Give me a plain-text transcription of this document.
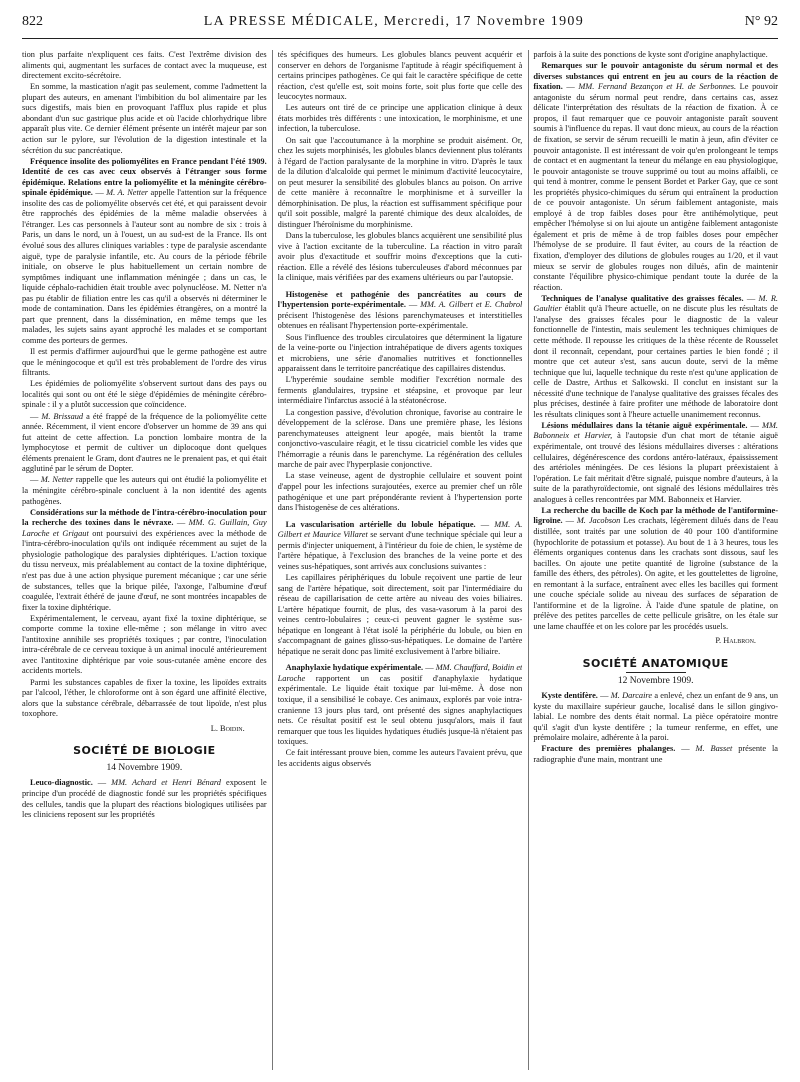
822	LA PRESSE MÉDICALE, Mercredi, 17 Novembre 1909	N° 92

tion plus parfaite n'expliquent ces faits. C'est l'extrême division des aliments qui, augmentant les surfaces de contact avec la muqueuse, est directement excito-sécrétoire.

En somme, la mastication n'agit pas seulement, comme l'admettent la plupart des auteurs, en amenant l'imbibition du bol alimentaire par les sucs digestifs, mais bien en provoquant l'afflux plus rapide et plus abondant d'un suc gastrique plus acide et où l'acide chlorhydrique libre apparaît plus vite. Ce dernier élément présente un intérêt majeur par son action sur le pylore, sur l'évolution de la digestion intestinale et la sécrétion du suc pancréatique.

Fréquence insolite des poliomyélites en France pendant l'été 1909. Identité de ces cas avec ceux observés à l'étranger sous forme épidémique. Relations entre la poliomyélite et la méningite cérébro-spinale épidémique. — M. A. Netter appelle l'attention sur la fréquence insolite des cas de poliomyélite observés cet été, et qui paraissent devoir être rapprochés des épidémies de la même maladie observées à l'étranger. Les cas personnels à l'auteur sont au nombre de six : trois à Paris, un dans le nord, un à l'ouest, un au sud-est de la France. Ils ont évolué sous des allures cliniques variables : type de paralysie ascendante aiguë, type de paralysie infantile, etc. Au cours de la période fébrile initiale, on observe le plus habituellement un certain nombre de symptômes indiquant une inflammation méningée ; dans un cas, le liquide céphalo-rachidien était trouble avec polynucléose. M. Netter n'a pas pu établir de filiation entre les cas qu'il a observés ni déterminer le mode de contamination. Dans les épidémies étrangères, on a montré la part que prennent, dans la dissémination, en même temps que les malades, les sujets sains ayant approché les malades et se comportant comme des porteurs de germes.

Il est permis d'affirmer aujourd'hui que le germe pathogène est autre que le méningocoque et qu'il est très probablement de l'ordre des virus filtrants.

Les épidémies de poliomyélite s'observent surtout dans des pays ou localités qui sont ou ont été le siège d'épidémies de méningite cérébro-spinale : il y a plutôt succession que coïncidence.

— M. Brissaud a été frappé de la fréquence de la poliomyélite cette année. Récemment, il vient encore d'observer un homme de 39 ans qui fut atteint de cette affection. La ponction lombaire montra de la lymphocytose et permit de cultiver un diplocoque dont quelques éléments prenaient le Gram, dont d'autres ne le prenaient pas, et qui était agglutiné par le sérum de Dopter.

— M. Netter rappelle que les auteurs qui ont étudié la poliomyélite et la méningite cérébro-spinale concluent à la non identité des agents pathogènes.

Considérations sur la méthode de l'intra-cérébro-inoculation pour la recherche des toxines dans le névraxe. — MM. G. Guillain, Guy Laroche et Grigaut ont poursuivi des expériences avec la méthode de l'intra-cérébro-inoculation qu'ils ont indiquée récemment au sujet de la physiologie pathologique des paralysies diphtériques. L'action toxique du tissu nerveux, mis préalablement au contact de la toxine diphtérique, n'est pas due à une action physique purement mécanique ; car une série de substances, telles que la brique pilée, l'axonge, l'albumine d'œuf coagulée, l'extrait éthéré de jaune d'œuf, ne sont montrées incapables de fixer la toxine diphtérique.

Expérimentalement, le cerveau, ayant fixé la toxine diphtérique, se comporte comme la toxine elle-même ; son mélange in vitro avec l'antitoxine annihile ses propriétés toxiques ; par contre, l'inoculation intra-cérébrale de ce cerveau toxique à un animal inoculé antérieurement avec l'antitoxine diphtérique par voie sous-cutanée amène encore des accidents mortels.

Parmi les substances capables de fixer la toxine, les lipoïdes extraits par l'alcool, l'éther, le chloroforme ont à son égard une affinité élective, alors que la substance cérébrale, débarrassée de tout lipoïde, n'est plus toxophore.

L. Boidin.

SOCIÉTÉ DE BIOLOGIE
14 Novembre 1909.

Leuco-diagnostic. — MM. Achard et Henri Bénard exposent le principe d'un procédé de diagnostic fondé sur les propriétés spécifiques des cellules, tandis que la plupart des réactions biologiques utilisées par les cliniciens reposent sur les propriétés

tés spécifiques des humeurs. Les globules blancs peuvent acquérir et conserver en dehors de l'organisme l'aptitude à réagir spécifiquement à certains principes pathogènes. Ce qui fait le caractère spécifique de cette réaction, c'est qu'elle est, soit moins forte, soit plus forte que celle des leucocytes normaux.

Les auteurs ont tiré de ce principe une application clinique à deux états morbides très différents : une intoxication, le morphinisme, et une infection, la tuberculose.

On sait que l'accoutumance à la morphine se produit aisément. Or, chez les sujets morphinisés, les globules blancs deviennent plus tolérants à l'égard de l'action paralysante de la morphine in vitro. D'après le taux de la dilution d'alcaloïde qui permet le minimum d'activité leucocytaire, on peut mesurer la sensibilité des globules blancs au poison. On arrive de cette manière à reconnaître le morphinisme et à surveiller la démorphinisation. De plus, la réaction est suffisamment spécifique pour qu'il soit possible, malgré la parenté chimique des deux alcaloïdes, de distinguer l'héroïnisme du morphinisme.

Dans la tuberculose, les globules blancs acquièrent une sensibilité plus vive à l'action excitante de la tuberculine. La réaction in vitro paraît avoir plus d'exactitude et souffrir moins d'exceptions que la cuti-réaction. Elle a révélé des lésions tuberculeuses d'abord méconnues par la clinique, mais vérifiées par des examens ultérieurs ou par l'autopsie.

Histogenèse et pathogénie des pancréatites au cours de l'hypertension porte-expérimentale. — MM. A. Gilbert et E. Chabrol précisent l'histogenèse des lésions parenchymateuses et interstitielles obtenues en réalisant l'hypertension porte-expérimentale.

Sous l'influence des troubles circulatoires que déterminent la ligature de la veine-porte ou l'injection intrahépatique de divers agents toxiques et microbiens, une série d'anomalies nutritives et fonctionnelles apparaissent dans le territoire pancréatique des capillaires distendus.

L'hyperémie soudaine semble modifier l'excrétion normale des ferments glandulaires, trypsine et stéapsine, et provoque par leur intermédiaire l'infarctus associé à la stéatonécrose.

La congestion passive, d'évolution chronique, favorise au contraire le développement de la sclérose. Dans une première phase, les lésions parenchymateuses atteignent leur apogée, mais bientôt la trame conjonctivo-vasculaire réagit, et le tissu cicatriciel comble les vides que l'hémorragie a réunis dans le parenchyme. La régénération des cellules marche de pair avec l'hyperplasie conjonctive.

La stase veineuse, agent de dystrophie cellulaire et souvent point d'appel pour les infections surajoutées, exerce au premier chef un rôle pathogénique et une part prépondérante revient à l'hypertension porte dans l'histogenèse de ces altérations.

La vascularisation artérielle du lobule hépatique. — MM. A. Gilbert et Maurice Villaret se servant d'une technique spéciale qui leur a permis d'injecter uniquement, à l'intérieur du foie de chien, le système de l'artère hépatique, à l'exclusion des branches de la veine porte et des veines sus-hépatiques, sont arrivés aux conclusions suivantes :

Les capillaires périphériques du lobule reçoivent une partie de leur sang de l'artère hépatique, soit directement, soit par l'intermédiaire du réseau de capillarisation de cette artère au niveau des voies biliaires. L'artère hépatique fournit, de plus, des vasa-vasorum à la paroi des veines centro-lobulaires ; ceux-ci peuvent gagner le système sus-hépatique en longeant à l'état isolé la périphérie du lobule, ou bien en s'accompagnant de gaines glisso-sus-hépatiques. Le domaine de l'artère hépatique ne serait donc pas limité exclusivement à l'arbre biliaire.

Anaphylaxie hydatique expérimentale. — MM. Chauffard, Boidin et Laroche rapportent un cas positif d'anaphylaxie hydatique expérimentale. Le liquide était toxique par lui-même. À dose non toxique, il a sensibilisé le cobaye. Ces animaux, explorés par voie intra-cranienne 13 jours plus tard, ont présenté des signes anaphylactiques nets. Ce résultat positif est le seul obtenu jusqu'alors, mais il faut remarquer que tous les liquides hydatiques étudiés jusque-là n'étaient pas toxiques.

Ce fait intéressant prouve bien, comme les auteurs l'avaient prévu, que les accidents aigus observés

parfois à la suite des ponctions de kyste sont d'origine anaphylactique.

Remarques sur le pouvoir antagoniste du sérum normal et des diverses substances qui entrent en jeu au cours de la réaction de fixation. — MM. Fernand Bezançon et H. de Serbonnes. Le pouvoir antagoniste du sérum normal peut rendre, dans certains cas, assez délicate l'interprétation des résultats de la réaction de fixation. À ce propos, il faut remarquer que ce pouvoir antagoniste paraît souvent soumis à l'influence du repas. Il vaut donc mieux, au cours de la réaction de fixation, se servir de sérum recueilli le matin à jeun, afin d'éviter ce pouvoir antagoniste. Il est intéressant de voir qu'en prolongeant le temps de contact et en augmentant la teneur du mélange en eau physiologique, le pouvoir antagoniste se trouve supprimé ou tout au moins affaibli, ce qui tend à montrer, comme le pensent Bordet et Parker Gay, que ce sont les propriétés physico-chimiques du sérum qui entraînent la production de ce pouvoir antagoniste. Un sérum faiblement antagoniste, mais employé à de trop faibles doses pour être antihémolytique, peut empêcher l'hémolyse si on lui ajoute un antigène faiblement antagoniste également et pris de même à de trop faibles doses pour empêcher l'hémolyse de se produire. Il faut éviter, au cours de la réaction de fixation, d'employer des dilutions de globules rouges au 1/20, et il vaut mieux se servir de globules rouges non dilués, afin de maintenir constante l'équilibre physico-chimique pendant toute la durée de la réaction.

Techniques de l'analyse qualitative des graisses fécales. — M. R. Gaultier établit qu'à l'heure actuelle, on ne discute plus les résultats de l'analyse des graisses fécales pour le diagnostic de la valeur fonctionnelle de l'intestin, mais seulement les techniques chimiques de cette méthode. Il repousse les critiques de la thèse récente de Rousselet dont il reconnaît, cependant, pour certaines parties le bien fondé ; il montre que cet auteur s'est, sans aucun doute, servi de la même technique que lui, laquelle technique du reste n'est qu'une application de celle de Dastre, Arthus et Salkowski. Il conclut en insistant sur la nécessité d'une technique de l'analyse qualitative des graisses fécales des plus précises, destinée à faire profiter une méthode de laboratoire dont les résultats cliniques sont à l'heure actuelle unanimement reconnus.

Lésions médullaires dans la tétanie aiguë expérimentale. — MM. Babonneix et Harvier, à l'autopsie d'un chat mort de tétanie aiguë expérimentale, ont trouvé des lésions médullaires diverses : altérations cellulaires, dégénérescence des cordons antéro-latéraux, épaississement des artérioles méningées. De ces lésions la plupart préexistaient à l'opération. Le fait méritait d'être signalé, puisque nombre d'auteurs, à la suite de la parathyroïdectomie, ont signalé des lésions médullaires très analogues à celles rencontrées par MM. Babonneix et Harvier.

La recherche du bacille de Koch par la méthode de l'antiformine-ligroïne. — M. Jacobson Les crachats, légèrement dilués dans de l'eau distillée, sont traités par une solution de 40 pour 100 d'antiformine (hypochlorite de potassium et potasse). Au bout de 1 à 3 heures, tous les éléments organiques contenus dans les crachats sont dissous, sauf les bacilles. On ajoute une petite quantité de ligroïne (substance de la famille des éthers, des pétroles). On agite, et les gouttelettes de ligroïne, en remontant à la surface, entraînent avec elles les bacilles qui forment une couche spéciale solide au niveau des surfaces de séparation de l'antiformine et de la ligroïne. À l'aide d'une spatule de platine, on prélève des petites parcelles de cette pellicule grisâtre, on les étale sur une lame chauffée et on les colore par les procédés usuels.

P. Halbron.

SOCIÉTÉ ANATOMIQUE
12 Novembre 1909.

Kyste dentifère. — M. Darcaire a enlevé, chez un enfant de 9 ans, un kyste du maxillaire supérieur gauche, localisé dans le sillon gingivo-labial. Le nombre des dents était normal. La pièce opératoire montre qu'il s'agit d'un kyste dentifère ; la tumeur renferme, en effet, une prémolaire molaire, adhérente à la paroi.

Fracture des premières phalanges. — M. Basset présente la radiographie d'une main, montrant une
